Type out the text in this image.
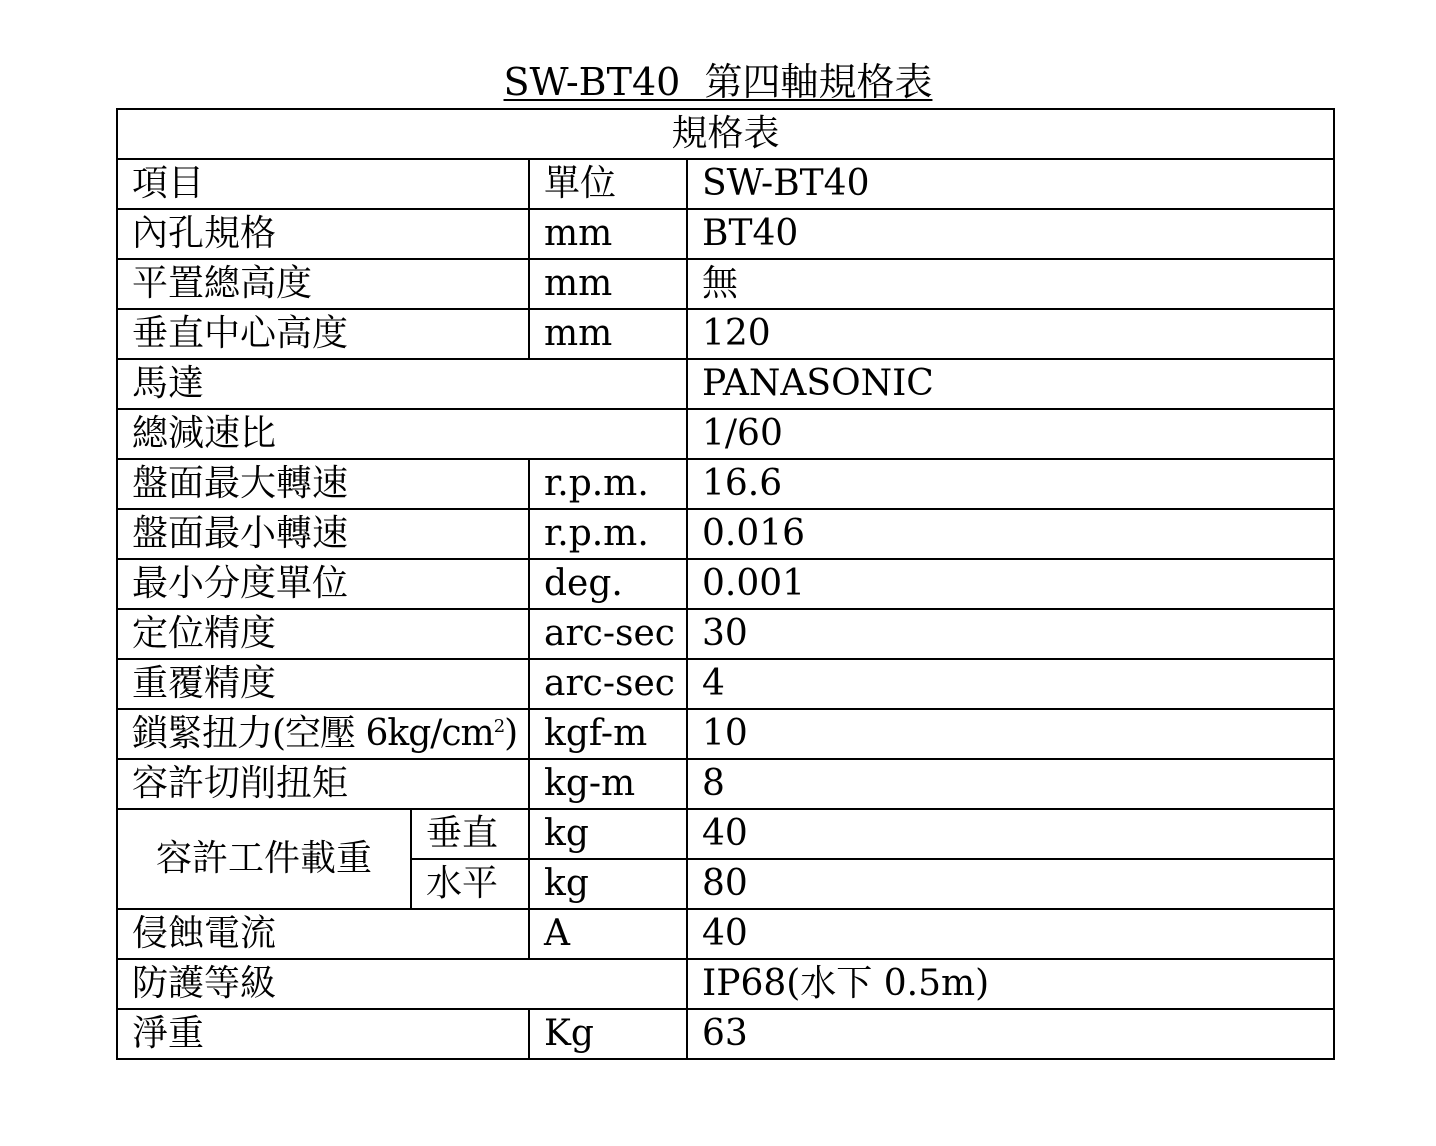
SW-BT40  第四軸規格表
規格表			
項目		單位	SW-BT40
內孔規格		mm	BT40
平置總高度		mm	無
垂直中心高度		mm	120
馬達			PANASONIC
總減速比			1/60
盤面最大轉速		r.p.m.	16.6
盤面最小轉速		r.p.m.	0.016
最小分度單位		deg.	0.001
定位精度		arc-sec	30
重覆精度		arc-sec	4
鎖緊扭力(空壓 $6kg/cm^2$)		kgf-m	10
容許切削扭矩		kg-m	8
容許工件載重	垂直	kg	40
	水平	kg	80
侵蝕電流		A	40
防護等級			IP68(水下 0.5m)
淨重		Kg	63
